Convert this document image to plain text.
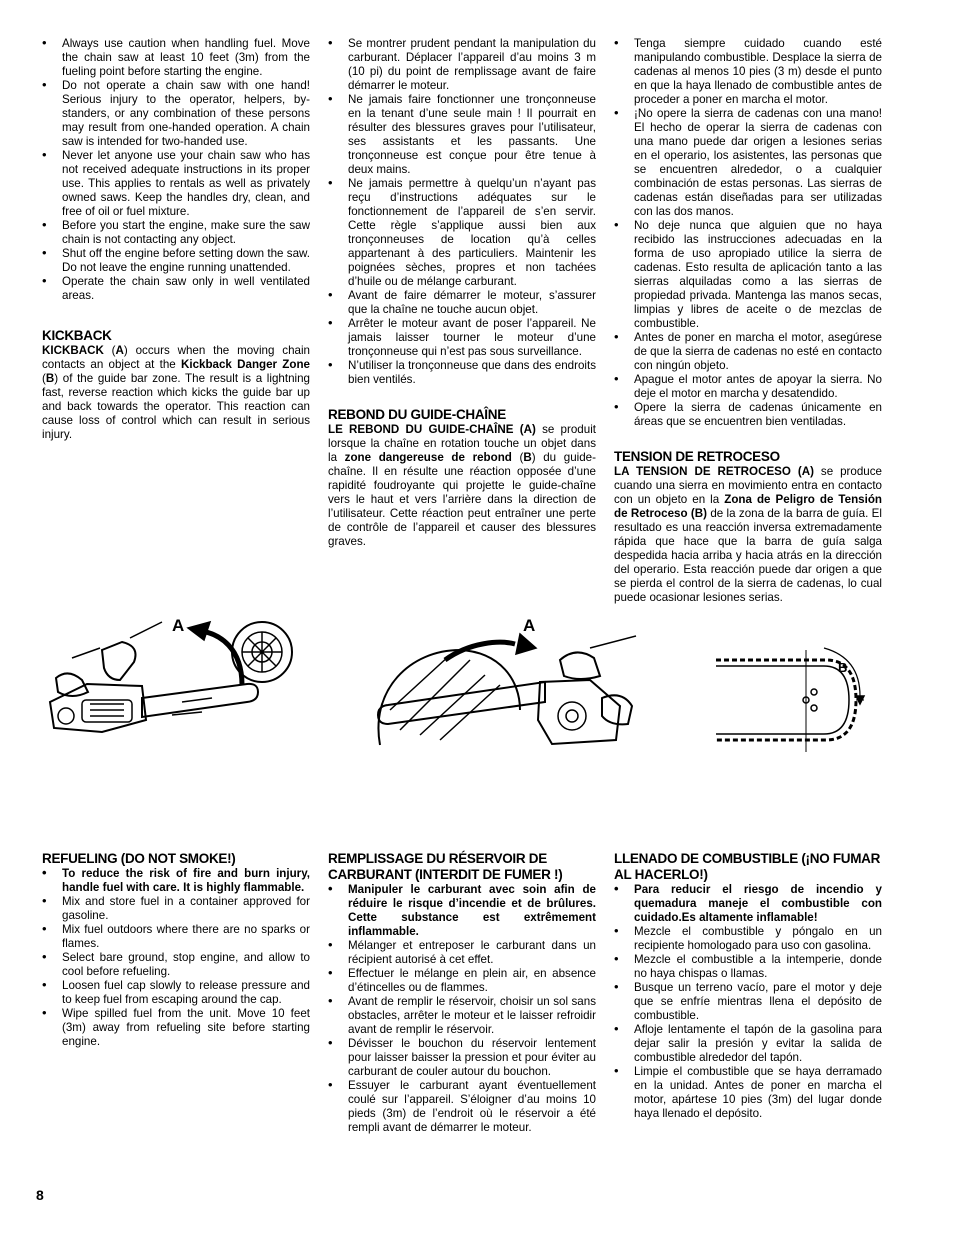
• Always use caution when handling fuel. Move the chain saw at least 10 feet (3m) from the fueling point before starting the engine.
• Do not operate a chain saw with one hand! Serious injury to the operator, helpers, by-standers, or any combination of these persons may result from one-handed operation. A chain saw is intended for two-handed use.
• Never let anyone use your chain saw who has not received adequate instructions in its proper use. This applies to rentals as well as privately owned saws. Keep the handles dry, clean, and free of oil or fuel mixture.
• Before you start the engine, make sure the saw chain is not contacting any object.
• Shut off the engine before setting down the saw. Do not leave the engine running unattended.
• Operate the chain saw only in well ventilated areas.
KICKBACK

KICKBACK (A) occurs when the moving chain contacts an object at the Kickback Danger Zone (B) of the guide bar zone. The result is a lightning fast, reverse reaction which kicks the guide bar up and back towards the operator. This reaction can cause loss of control which can result in serious injury.

• Se montrer prudent pendant la manipulation du carburant. Déplacer l’appareil d’au moins 3 m (10 pi) du point de remplissage avant de faire démarrer le moteur.
• Ne jamais faire fonctionner une tronçonneuse en la tenant d’une seule main ! Il pourrait en résulter des blessures graves pour l’utilisateur, ses assistants et les passants. Une tronçonneuse est conçue pour être tenue à deux mains.
• Ne jamais permettre à quelqu’un n’ayant pas reçu d’instructions adéquates sur le fonctionnement de l’appareil de s’en servir. Cette règle s’applique aussi bien aux tronçonneuses de location qu’à celles appartenant à des particuliers. Maintenir les poignées sèches, propres et non tachées d’huile ou de mélange carburant.
• Avant de faire démarrer le moteur, s’assurer que la chaîne ne touche aucun objet.
• Arrêter le moteur avant de poser l’appareil. Ne jamais laisser tourner le moteur d’une tronçonneuse qui n’est pas sous surveillance.
• N’utiliser la tronçonneuse que dans des endroits bien ventilés.
REBOND DU GUIDE-CHAÎNE

LE REBOND DU GUIDE-CHAÎNE (A) se produit lorsque la chaîne en rotation touche un objet dans la zone dangereuse de rebond (B) du guide-chaîne. Il en résulte une réaction opposée d’une rapidité foudroyante qui projette le guide-chaîne vers le haut et vers l’arrière dans la direction de l’utilisateur. Cette réaction peut entraîner une perte de contrôle de l’appareil et causer des blessures graves.

• Tenga siempre cuidado cuando esté manipulando combustible. Desplace la sierra de cadenas al menos 10 pies (3 m) desde el punto en que la haya llenado de combustible antes de proceder a poner en marcha el motor.
• ¡No opere la sierra de cadenas con una mano! El hecho de operar la sierra de cadenas con una mano puede dar origen a lesiones serias en el operario, los asistentes, las personas que se encuentren alrededor, o a cualquier combinación de estas personas. Las sierras de cadenas están diseñadas para ser utilizadas con las dos manos.
• No deje nunca que alguien que no haya recibido las instrucciones adecuadas en la forma de uso apropiado utilice la sierra de cadenas. Esto resulta de aplicación tanto a las sierras alquiladas como a las sierras de propiedad privada. Mantenga las manos secas, limpias y libres de aceite o de mezclas de combustible.
• Antes de poner en marcha el motor, asegúrese de que la sierra de cadenas no esté en contacto con ningún objeto.
• Apague el motor antes de apoyar la sierra. No deje el motor en marcha y desatendido.
• Opere la sierra de cadenas únicamente en áreas que se encuentren bien ventiladas.
TENSION DE RETROCESO

LA TENSION DE RETROCESO (A) se produce cuando una sierra en movimiento entra en contacto con un objeto en la Zona de Peligro de Tensión de Retroceso (B) de la zona de la barra de guía. El resultado es una reacción inversa extremadamente rápida que hace que la barra de guía salga despedida hacia arriba y hacia atrás en la dirección del operario. Esta reacción puede dar origen a que se pierda el control de la sierra de cadenas, lo cual puede ocasionar lesiones serias.

A	A
B
REFUELING (DO NOT SMOKE!)
• To reduce the risk of fire and burn injury, handle fuel with care. It is highly flammable.
• Mix and store fuel in a container approved for gasoline.
• Mix fuel outdoors where there are no sparks or flames.
• Select bare ground, stop engine, and allow to cool before refueling.
• Loosen fuel cap slowly to release pressure and to keep fuel from escaping around the cap.
• Wipe spilled fuel from the unit. Move 10 feet (3m) away from refueling site before starting engine.
REMPLISSAGE DU RÉSERVOIR DE CARBURANT (INTERDIT DE FUMER !)
• Manipuler le carburant avec soin afin de réduire le risque d’incendie et de brûlures. Cette substance est extrêmement inflammable.
• Mélanger et entreposer le carburant dans un récipient autorisé à cet effet.
• Effectuer le mélange en plein air, en absence d’étincelles ou de flammes.
• Avant de remplir le réservoir, choisir un sol sans obstacles, arrêter le moteur et le laisser refroidir avant de remplir le réservoir.
• Dévisser le bouchon du réservoir lentement pour laisser baisser la pression et pour éviter au carburant de couler autour du bouchon.
• Essuyer le carburant ayant éventuellement coulé sur l’appareil. S’éloigner d’au moins 10 pieds (3m) de l’endroit où le réservoir a été rempli avant de démarrer le moteur.
LLENADO DE COMBUSTIBLE (¡NO FUMAR AL HACERLO!)
• Para reducir el riesgo de incendio y quemadura maneje el combustible con cuidado.Es altamente inflamable!
• Mezcle el combustible y póngalo en un recipiente homologado para uso con gasolina.
• Mezcle el combustible a la intemperie, donde no haya chispas o llamas.
• Busque un terreno vacío, pare el motor y deje que se enfríe mientras llena el depósito de combustible.
• Afloje lentamente el tapón de la gasolina para dejar salir la presión y evitar la salida de combustible alrededor del tapón.
• Limpie el combustible que se haya derramado en la unidad. Antes de poner en marcha el motor, apártese 10 pies (3m) del lugar donde haya llenado el depósito.
8
